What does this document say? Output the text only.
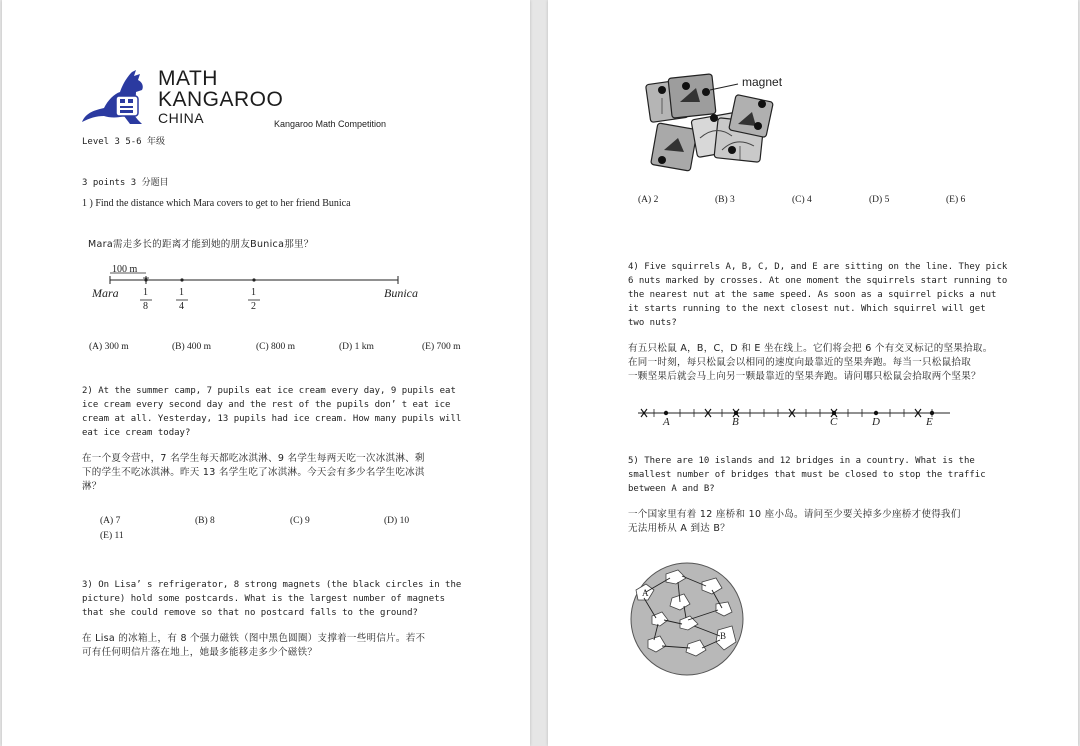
MATH
KANGAROO
CHINA	Kangaroo Math Competition
Level 3 5-6 年级
3 points 3 分题目
1 ) Find the distance which Mara covers to get to her friend Bunica
Mara需走多长的距离才能到她的朋友Bunica那里？
100 m
Mara	Bunica
1
8
1
4
1
2
(A) 300 m	(B) 400 m	(C) 800 m	(D) 1 km	(E) 700 m
2) At the summer camp, 7 pupils eat ice cream every day, 9 pupils eat
ice cream every second day and the rest of the pupils don’ t eat ice
cream at all. Yesterday, 13 pupils had ice cream. How many pupils will
eat ice cream today?
在一个夏令营中，7 名学生每天都吃冰淇淋、9 名学生每两天吃一次冰淇淋、剩
下的学生不吃冰淇淋。昨天 13 名学生吃了冰淇淋。今天会有多少名学生吃冰淇
淋？
(A) 7	(B) 8	(C) 9	(D) 10
(E) 11
3) On Lisa’ s refrigerator, 8 strong magnets (the black circles in the
picture) hold some postcards. What is the largest number of magnets
that she could remove so that no postcard falls to the ground?
在 Lisa 的冰箱上，有 8 个强力磁铁（图中黑色圆圈）支撑着一些明信片。若不
可有任何明信片落在地上，她最多能移走多少个磁铁？
magnet
(A) 2	(B) 3	(C) 4	(D) 5	(E) 6
4) Five squirrels A, B, C, D, and E are sitting on the line. They pick
6 nuts marked by crosses. At one moment the squirrels start running to
the nearest nut at the same speed. As soon as a squirrel picks a nut
it starts running to the next closest nut. Which squirrel will get
two nuts?
有五只松鼠 A，B，C，D 和 E 坐在线上。它们将会把 6 个有交叉标记的坚果拾取。
在同一时刻，每只松鼠会以相同的速度向最靠近的坚果奔跑。每当一只松鼠拾取
一颗坚果后就会马上向另一颗最靠近的坚果奔跑。请问哪只松鼠会拾取两个坚果？
A	B	C	D	E
5) There are 10 islands and 12 bridges in a country. What is the
smallest number of bridges that must be closed to stop the traffic
between A and B?
一个国家里有着 12 座桥和 10 座小岛。请问至少要关掉多少座桥才使得我们
无法用桥从 A 到达 B？
A
B
